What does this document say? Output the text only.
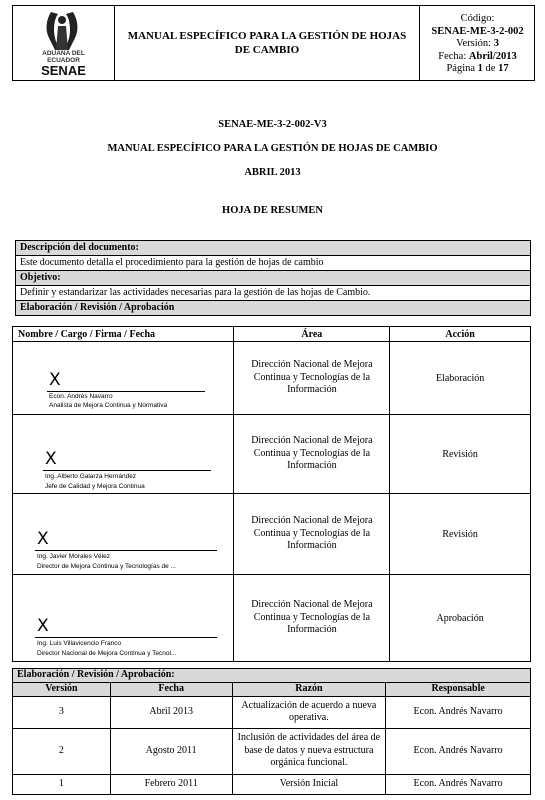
ADUANA DEL
ECUADOR
SENAE
MANUAL ESPECÍFICO PARA LA GESTIÓN DE HOJAS DE CAMBIO
Código:
SENAE-ME-3-2-002
Versión: 3
Fecha: Abril/2013
Página 1 de 17
SENAE-ME-3-2-002-V3
MANUAL ESPECÍFICO PARA LA GESTIÓN DE HOJAS DE CAMBIO
ABRIL 2013
HOJA DE RESUMEN
Descripción del documento:
Este documento detalla el procedimiento para la gestión de hojas de cambio
Objetivo:
Definir y estandarizar las actividades necesarias para la gestión de las hojas de Cambio.
Elaboración / Revisión / Aprobación
Nombre / Cargo / Firma / Fecha	Área	Acción

X
Econ. Andrés Navarro
Analista de Mejora Continua y Normativa	Dirección Nacional de Mejora Continua y Tecnologías de la Información	Elaboración

X
Ing. Alberto Galarza Hernández
Jefe de Calidad y Mejora Continua	Dirección Nacional de Mejora Continua y Tecnologías de la Información	Revisión

X
Ing. Javier Morales Vélez
Director de Mejora Continua y Tecnologías de ...	Dirección Nacional de Mejora Continua y Tecnologías de la Información	Revisión

X
Ing. Luis Villavicencio Franco
Director Nacional de Mejora Continua y Tecnol...	Dirección Nacional de Mejora Continua y Tecnologías de la Información	Aprobación
Elaboración / Revisión / Aprobación:			
Versión	Fecha	Razón	Responsable
3	Abril 2013	Actualización de acuerdo a nueva operativa.	Econ. Andrés Navarro
2	Agosto 2011	Inclusión de actividades del área de base de datos y nueva estructura orgánica funcional.	Econ. Andrés Navarro
1	Febrero 2011	Versión Inicial	Econ. Andrés Navarro
